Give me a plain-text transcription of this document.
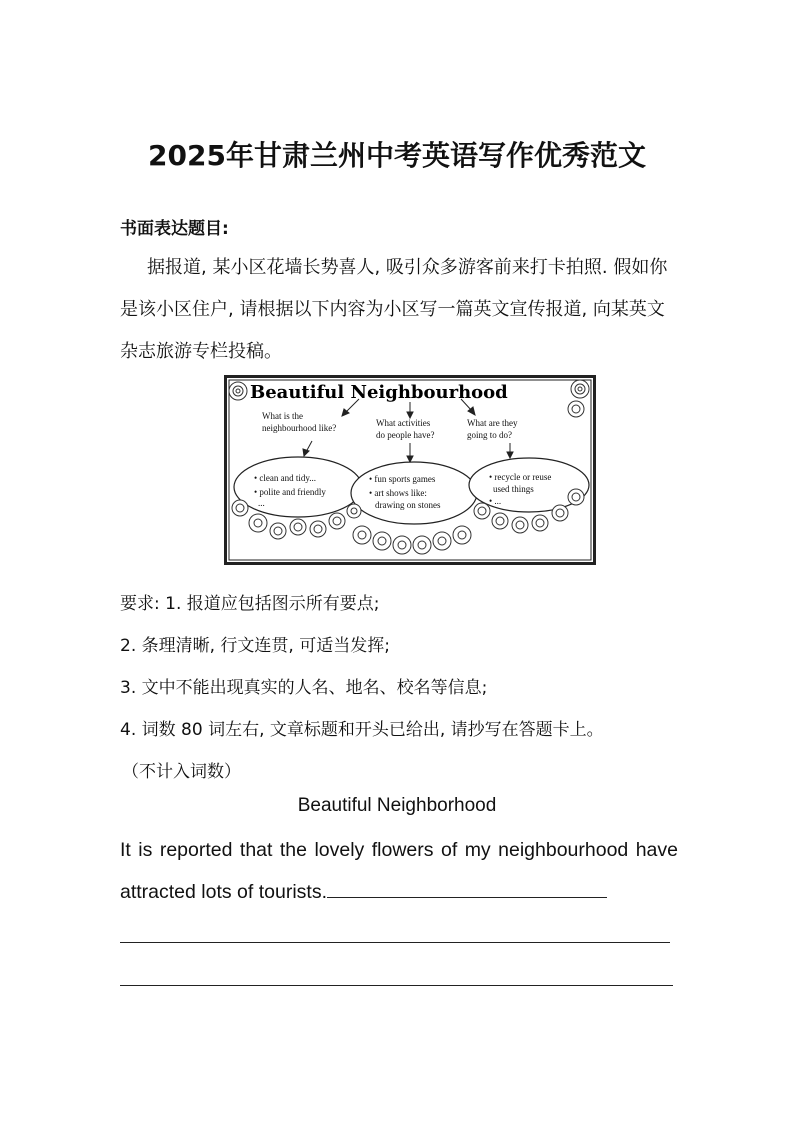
2025年甘肃兰州中考英语写作优秀范文
书面表达题目:
据报道, 某小区花墙长势喜人, 吸引众多游客前来打卡拍照. 假如你是该小区住户, 请根据以下内容为小区写一篇英文宣传报道, 向某英文杂志旅游专栏投稿。
Beautiful Neighbourhood
What is the
neighbourhood like?	What activities
do people have?
What are they
going to do?
• clean and tidy...
• polite and friendly
...
• fun sports games
• art shows like:
drawing on stones
• recycle or reuse
used things
• ...
要求: 1. 报道应包括图示所有要点;
2. 条理清晰, 行文连贯, 可适当发挥;
3. 文中不能出现真实的人名、地名、校名等信息;
4. 词数 80 词左右, 文章标题和开头已给出, 请抄写在答题卡上。
（不计入词数）
Beautiful Neighborhood
It is reported that the lovely flowers of my neighbourhood have attracted lots of tourists.
